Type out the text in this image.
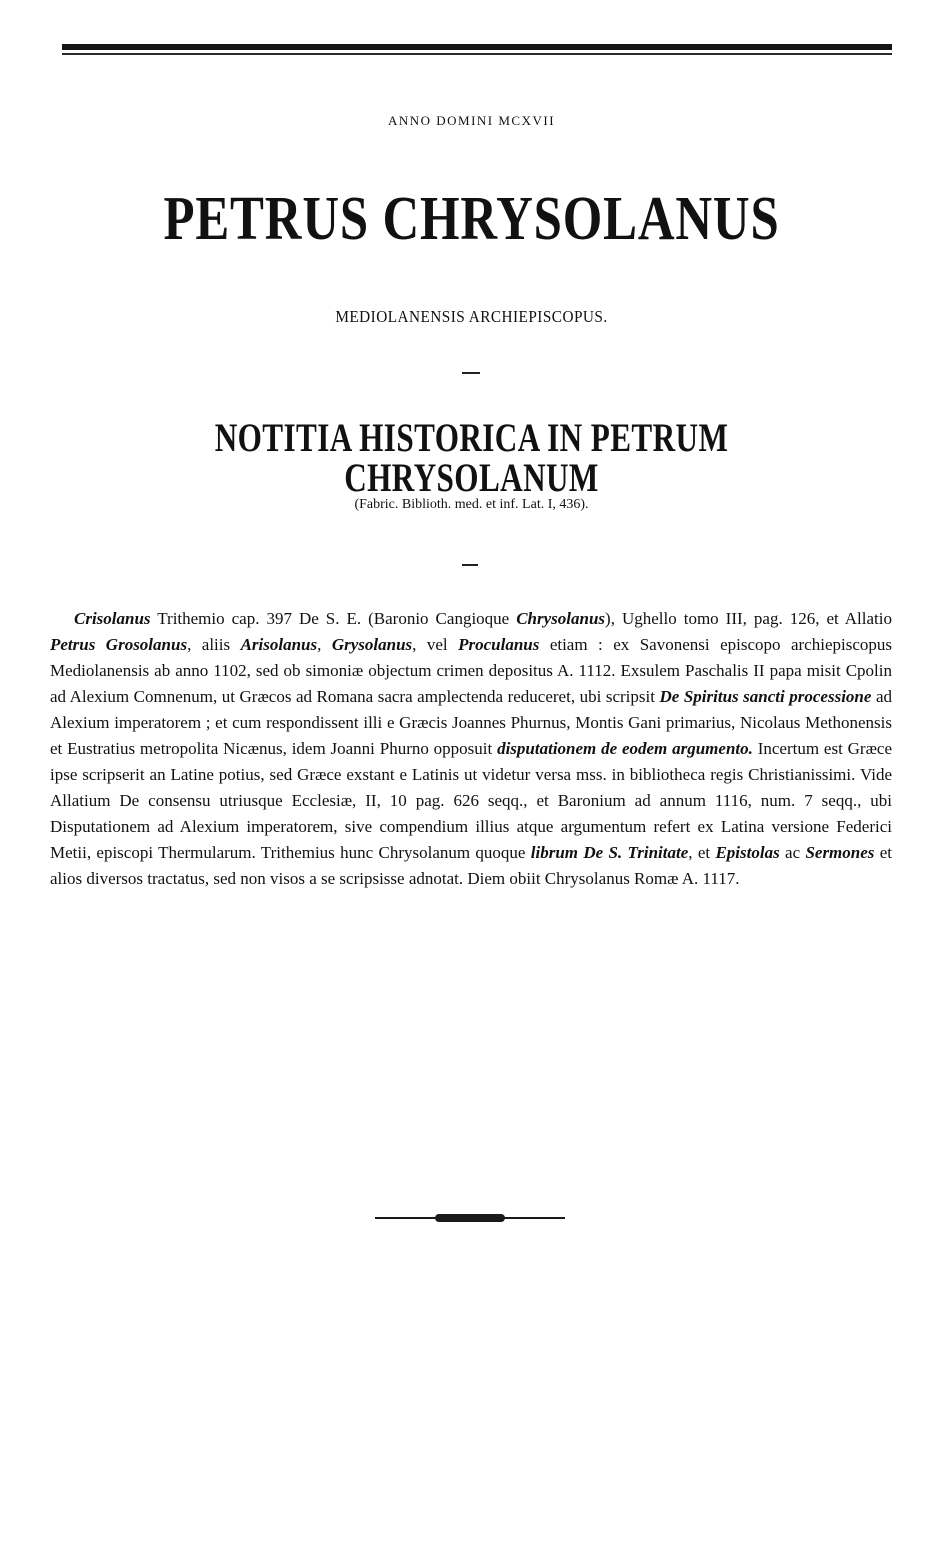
ANNO DOMINI MCXVII
PETRUS CHRYSOLANUS
MEDIOLANENSIS ARCHIEPISCOPUS.
NOTITIA HISTORICA IN PETRUM CHRYSOLANUM
(Fabric. Biblioth. med. et inf. Lat. I, 436).
Crisolanus Trithemio cap. 397 De S. E. (Baronio Cangioque Chrysolanus), Ughello tomo III, pag. 126, et Allatio Petrus Grosolanus, aliis Arisolanus, Grysolanus, vel Proculanus etiam : ex Savonensi episcopo archiepiscopus Mediolanensis ab anno 1102, sed ob simoniæ objectum crimen depositus A. 1112. Exsulem Paschalis II papa misit Cpolin ad Alexium Comnenum, ut Græcos ad Romana sacra amplectenda reduceret, ubi scripsit De Spiritus sancti processione ad Alexium imperatorem ; et cum respondissent illi e Græcis Joannes Phurnus, Montis Gani primarius, Nicolaus Methonensis et Eustratius metropolita Nicænus, idem Joanni Phurno opposuit disputationem de eodem argumento. Incertum est Græce ipse scripserit an Latine potius, sed Græce exstant e Latinis ut videtur versa mss. in bibliotheca regis Christianissimi. Vide Allatium De consensu utriusque Ecclesiæ, II, 10 pag. 626 seqq., et Baronium ad annum 1116, num. 7 seqq., ubi Disputationem ad Alexium imperatorem, sive compendium illius atque argumentum refert ex Latina versione Federici Metii, episcopi Thermularum. Trithemius hunc Chrysolanum quoque librum De S. Trinitate, et Epistolas ac Sermones et alios diversos tractatus, sed non visos a se scripsisse adnotat. Diem obiit Chrysolanus Romæ A. 1117.
